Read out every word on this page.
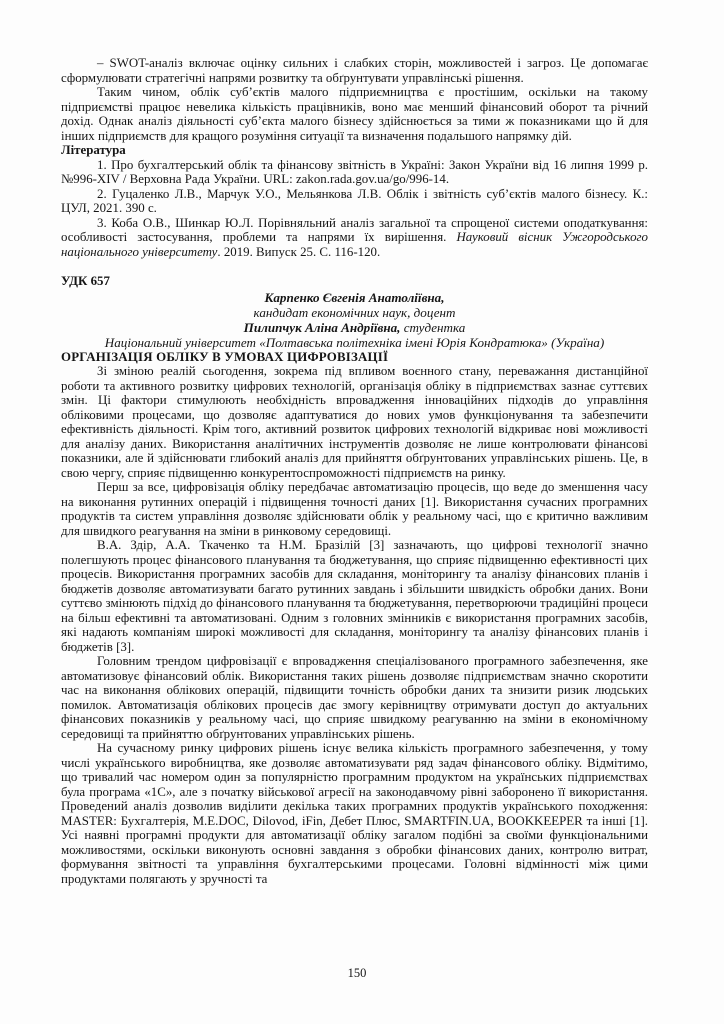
– SWOT-аналіз включає оцінку сильних і слабких сторін, можливостей і загроз. Це допомагає сформулювати стратегічні напрями розвитку та обґрунтувати управлінські рішення.

Таким чином, облік суб’єктів малого підприємництва є простішим, оскільки на такому підприємстві працює невелика кількість працівників, воно має менший фінансовий оборот та річний дохід. Однак аналіз діяльності суб’єкта малого бізнесу здійснюється за тими ж показниками що й для інших підприємств для кращого розуміння ситуації та визначення подальшого напрямку дій.

Література

1. Про бухгалтерський облік та фінансову звітність в Україні: Закон України від 16 липня 1999 р. №996-XIV / Верховна Рада України. URL: zakon.rada.gov.ua/go/996-14.

2. Гуцаленко Л.В., Марчук У.О., Мельянкова Л.В. Облік і звітність суб’єктів малого бізнесу. К.: ЦУЛ, 2021. 390 с.

3. Коба О.В., Шинкар Ю.Л. Порівняльний аналіз загальної та спрощеної системи оподаткування: особливості застосування, проблеми та напрями їх вирішення. Науковий вісник Ужгородського національного університету. 2019. Випуск 25. С. 116-120.

УДК 657

Карпенко Євгенія Анатоліївна,
кандидат економічних наук, доцент
Пилипчук Аліна Андріївна, студентка
Національний університет «Полтавська політехніка імені Юрія Кондратюка» (Україна)

ОРГАНІЗАЦІЯ ОБЛІКУ В УМОВАХ ЦИФРОВІЗАЦІЇ

Зі зміною реалій сьогодення, зокрема під впливом воєнного стану, переважання дистанційної роботи та активного розвитку цифрових технологій, організація обліку в підприємствах зазнає суттєвих змін. Ці фактори стимулюють необхідність впровадження інноваційних підходів до управління обліковими процесами, що дозволяє адаптуватися до нових умов функціонування та забезпечити ефективність діяльності. Крім того, активний розвиток цифрових технологій відкриває нові можливості для аналізу даних. Використання аналітичних інструментів дозволяє не лише контролювати фінансові показники, але й здійснювати глибокий аналіз для прийняття обґрунтованих управлінських рішень. Це, в свою чергу, сприяє підвищенню конкурентоспроможності підприємств на ринку.

Перш за все, цифровізація обліку передбачає автоматизацію процесів, що веде до зменшення часу на виконання рутинних операцій і підвищення точності даних [1]. Використання сучасних програмних продуктів та систем управління дозволяє здійснювати облік у реальному часі, що є критично важливим для швидкого реагування на зміни в ринковому середовищі.

В.А. Здір, А.А. Ткаченко та Н.М. Бразілій [3] зазначають, що цифрові технології значно полегшують процес фінансового планування та бюджетування, що сприяє підвищенню ефективності цих процесів. Використання програмних засобів для складання, моніторингу та аналізу фінансових планів і бюджетів дозволяє автоматизувати багато рутинних завдань і збільшити швидкість обробки даних. Вони суттєво змінюють підхід до фінансового планування та бюджетування, перетворюючи традиційні процеси на більш ефективні та автоматизовані. Одним з головних змінників є використання програмних засобів, які надають компаніям широкі можливості для складання, моніторингу та аналізу фінансових планів і бюджетів [3].

Головним трендом цифровізації є впровадження спеціалізованого програмного забезпечення, яке автоматизовує фінансовий облік. Використання таких рішень дозволяє підприємствам значно скоротити час на виконання облікових операцій, підвищити точність обробки даних та знизити ризик людських помилок. Автоматизація облікових процесів дає змогу керівництву отримувати доступ до актуальних фінансових показників у реальному часі, що сприяє швидкому реагуванню на зміни в економічному середовищі та прийняттю обґрунтованих управлінських рішень.

На сучасному ринку цифрових рішень існує велика кількість програмного забезпечення, у тому числі українського виробництва, яке дозволяє автоматизувати ряд задач фінансового обліку. Відмітимо, що тривалий час номером один за популярністю програмним продуктом на українських підприємствах була програма «1С», але з початку військової агресії на законодавчому рівні заборонено її використання. Проведений аналіз дозволив виділити декілька таких програмних продуктів українського походження: MASTER: Бухгалтерія, M.E.DOC, Dilovod, iFin, Дебет Плюс, SMARTFIN.UA, BOOKKEEPER та інші [1]. Усі наявні програмні продукти для автоматизації обліку загалом подібні за своїми функціональними можливостями, оскільки виконують основні завдання з обробки фінансових даних, контролю витрат, формування звітності та управління бухгалтерськими процесами. Головні відмінності між цими продуктами полягають у зручності та

150
